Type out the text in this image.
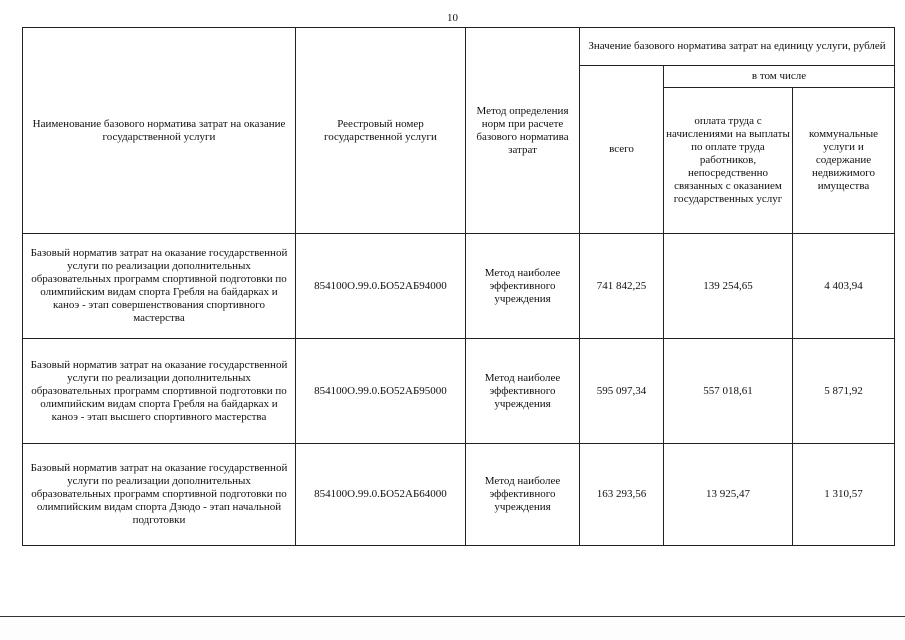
10
Наименование базового норматива затрат на оказание государственной услуги	Реестровый номер государственной услуги	Метод определения норм при расчете базового норматива затрат	Значение базового норматива затрат на единицу услуги, рублей		
			всего	в том числе	
				оплата труда с начислениями на выплаты по оплате труда работников, непосредственно связанных с оказанием государственных услуг	коммунальные услуги и содержание недвижимого имущества
Базовый норматив затрат на оказание государственной услуги по реализации дополнительных образовательных программ спортивной подготовки по олимпийским видам спорта Гребля на байдарках и каноэ - этап совершенствования спортивного мастерства	854100О.99.0.БО52АБ94000	Метод наиболее эффективного учреждения	741 842,25	139 254,65	4 403,94
Базовый норматив затрат на оказание государственной услуги по реализации дополнительных образовательных программ спортивной подготовки по олимпийским видам спорта Гребля на байдарках и каноэ - этап высшего спортивного мастерства	854100О.99.0.БО52АБ95000	Метод наиболее эффективного учреждения	595 097,34	557 018,61	5 871,92
Базовый норматив затрат на оказание государственной услуги по реализации дополнительных образовательных программ спортивной подготовки по олимпийским видам спорта Дзюдо - этап начальной подготовки	854100О.99.0.БО52АБ64000	Метод наиболее эффективного учреждения	163 293,56	13 925,47	1 310,57
